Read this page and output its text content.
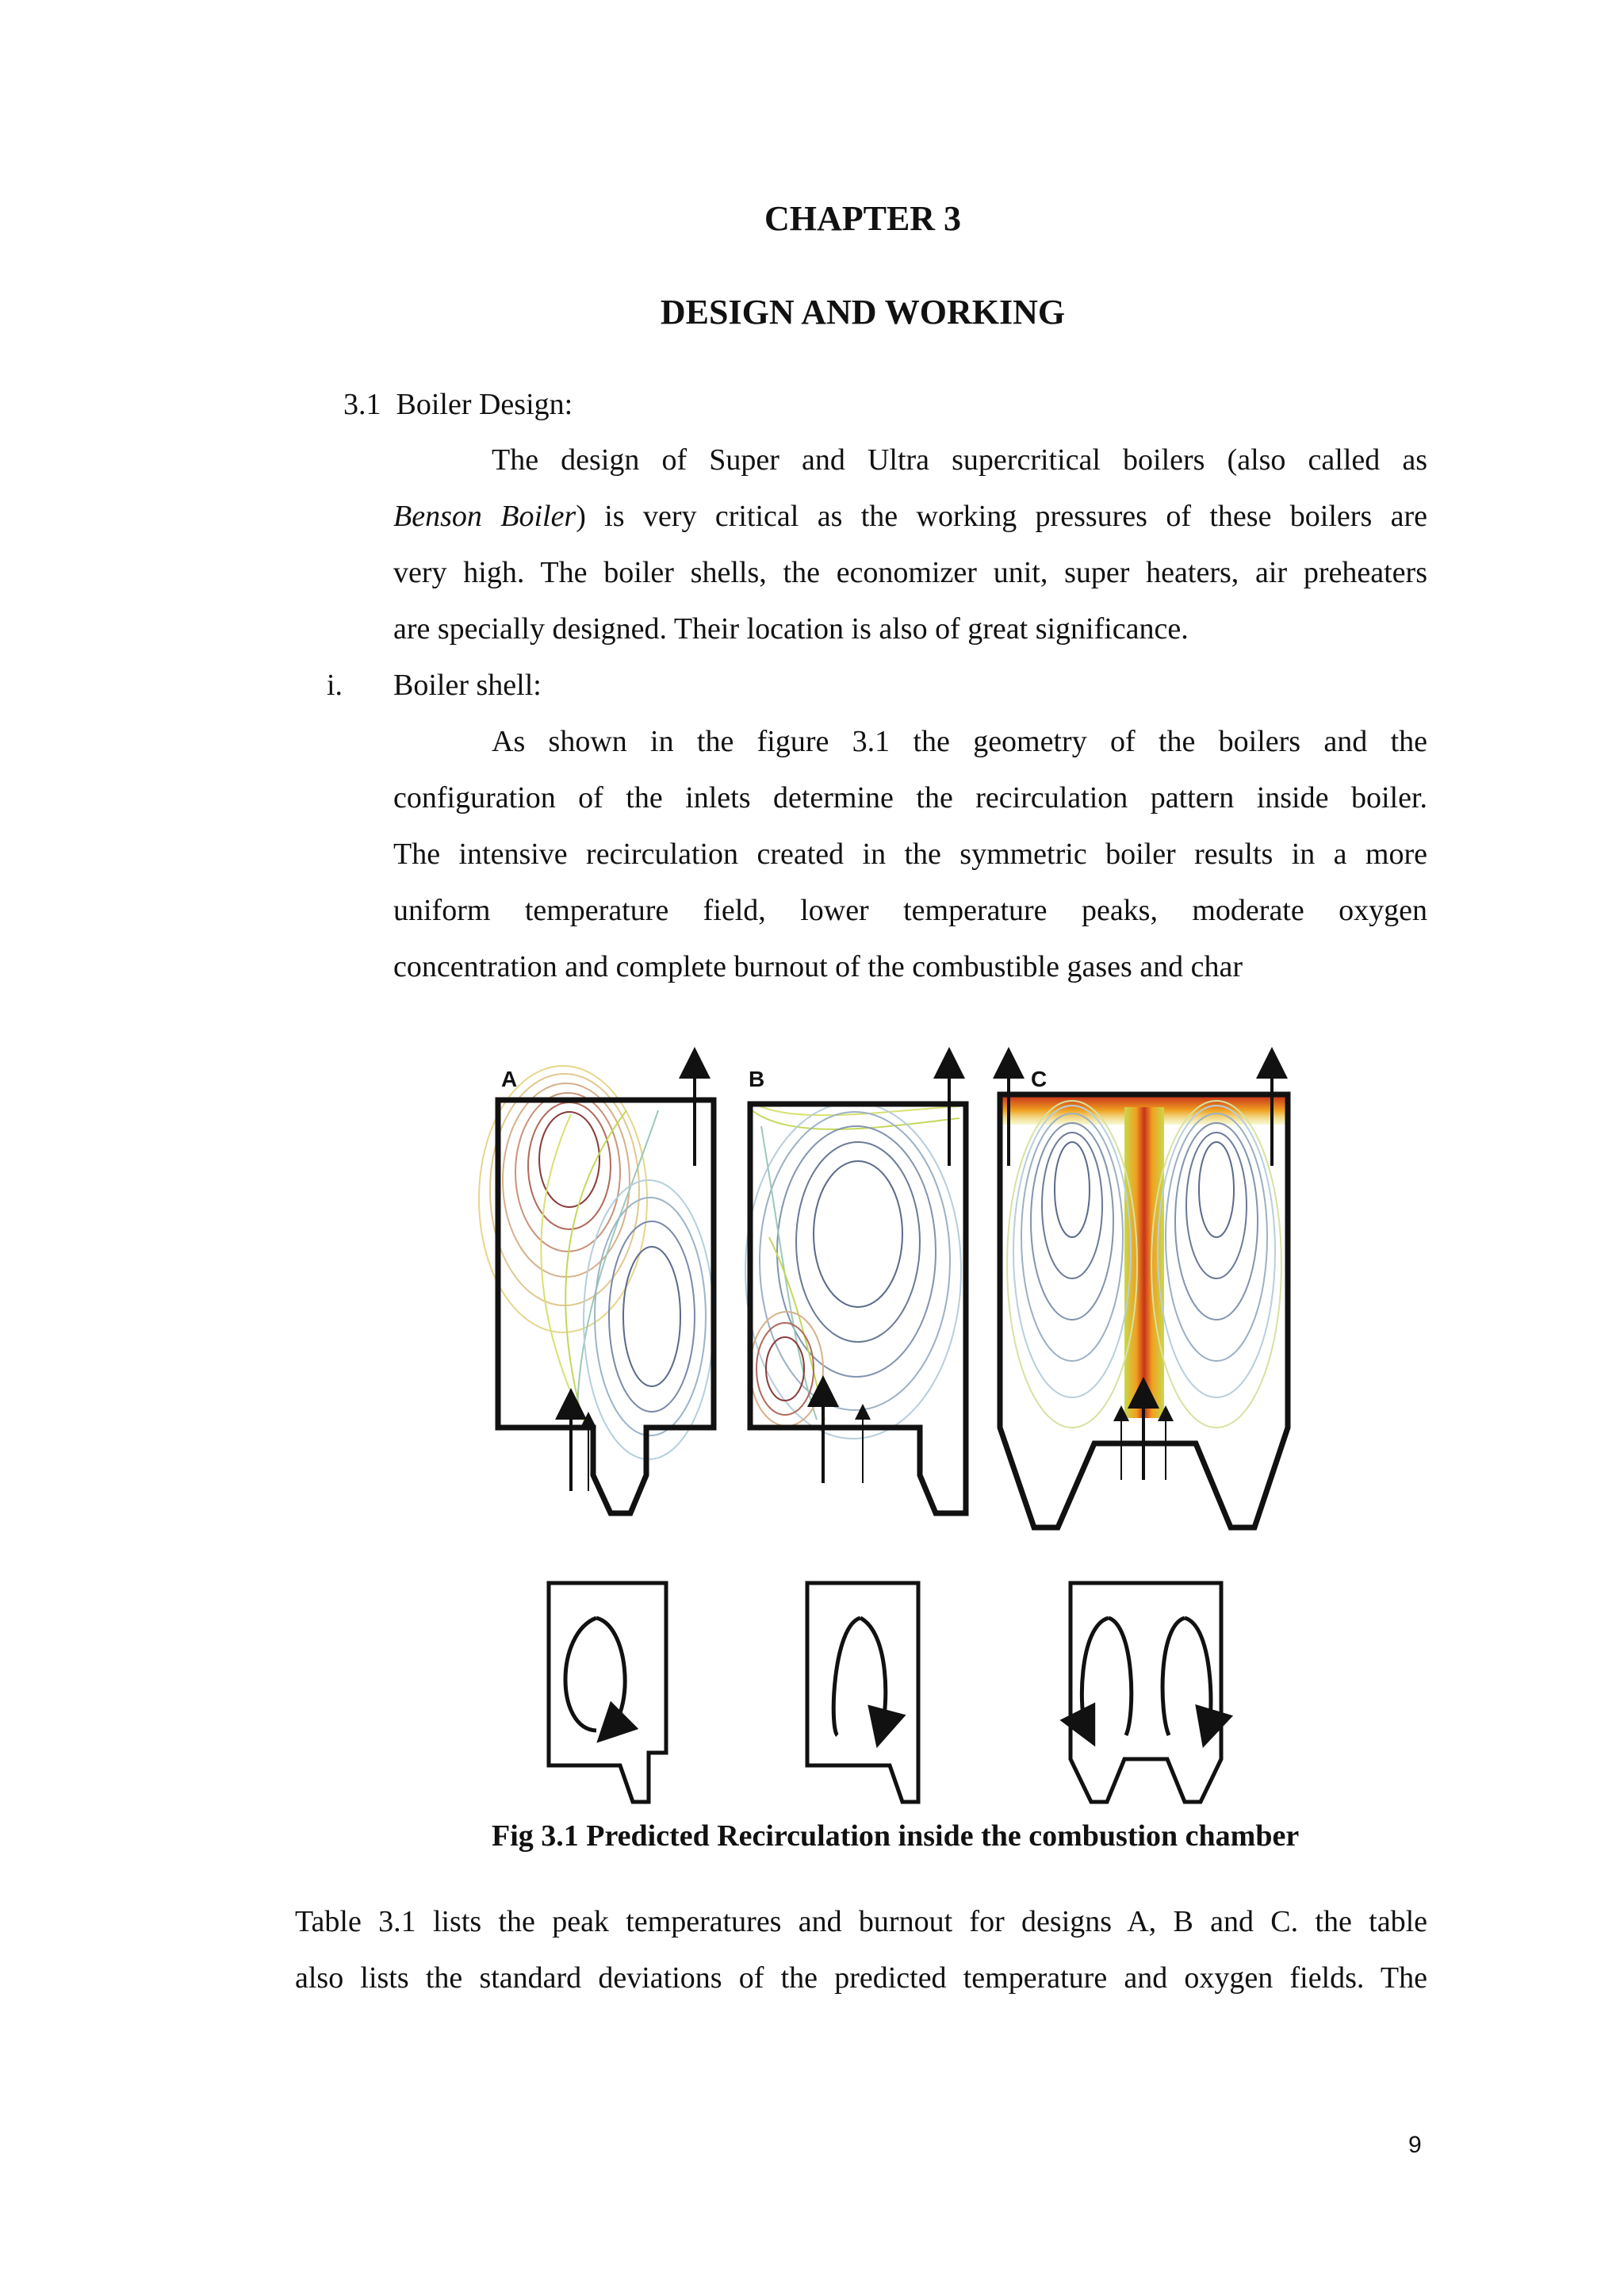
CHAPTER 3
DESIGN AND WORKING
3.1 Boiler Design:
The design of Super and Ultra supercritical boilers (also called as
Benson Boiler) is very critical as the working pressures of these boilers are
very high. The boiler shells, the economizer unit, super heaters, air preheaters
are specially designed. Their location is also of great significance.
i. Boiler shell:
As shown in the figure 3.1 the geometry of the boilers and the
configuration of the inlets determine the recirculation pattern inside boiler.
The intensive recirculation created in the symmetric boiler results in a more
uniform temperature field, lower temperature peaks, moderate oxygen
concentration and complete burnout of the combustible gases and char
A	B	C
Fig 3.1 Predicted Recirculation inside the combustion chamber
Table 3.1 lists the peak temperatures and burnout for designs A, B and C. the table
also lists the standard deviations of the predicted temperature and oxygen fields. The
9
